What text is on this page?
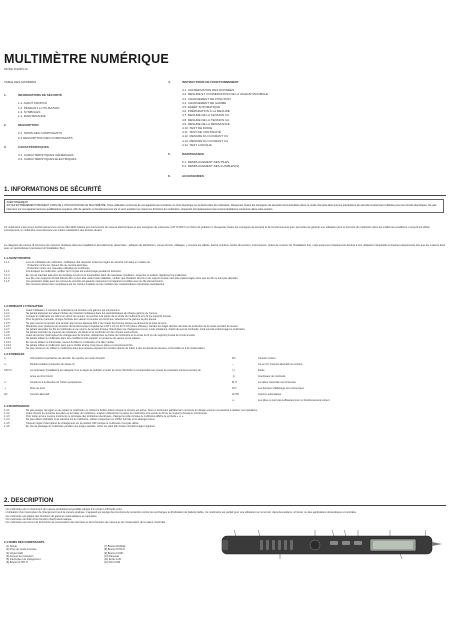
MULTIMÈTRE NUMÉRIQUE
MODE D'EMPLOI
TABLE DES MATIÈRES
1.	INFORMATIONS DE SÉCURITÉ
1.1. AVANT PROPOS
1.2. PENDANT L'UTILISATION
1.3. SYMBOLES
1.4. MAINTENANCE
2.	DESCRIPTION
2.1. NOMS DES COMPOSANTS
2.2 DESCRIPTION DES COMPOSANTS
3.	CARACTÉRISTIQUES
3.1. CARACTÉRISTIQUES GÉNÉRALES
3.2. CARACTÉRISTIQUES ÉLECTRIQUES
4.	INSTRUCTIONS DE FONCTIONNEMENT
4.1. CONSERVATION DES DONNÉES
4.2. MESURE ET CONSERVATION DE LA VALEUR MAXIMALE
4.3. CHANGEMENT DE FONCTION
4.4. CHANGEMENT DE GAMME
4.5. ARRÊT AUTOMATIQUE
4.6. PRÉPARATION À LA MESURE
4.7. MESURE DE LA TENSION CC
4.8. MESURE DE LA TENSION CA
4.9. MESURE DE LA RÉSISTANCE
4.10. TEST DE DIODE
4.11. TEST DE CONTINUITÉ
4.12. MESURE DU COURANT CC
4.13. MESURE DU COURANT CA
4.14. TEST LOGIQUE
5.	MAINTENANCE
5.1. REMPLACEMENT DES PILES
5.2. REMPLACEMENT DES FUSIBLES(S)
6.	ACCESSOIRES
1. INFORMATIONS DE SÉCURITÉ
AVERTISSEMENT
SOYEZ EXTRÊMEMENT PRUDENT LORS DE L'UTILISATION DE CE MULTIMÈTRE. Toute utilisation incorrecte de cet appareil peut entraîner un choc électrique ou la destruction du multimètre. Respectez toutes les consignes de sécurité recommandées dans ce mode d'emploi ainsi que les précautions de sécurité couramment utilisées pour les circuits électriques. Ne pas intervenir sur cet appareil sans les qualifications requises. Afin de garantir un fonctionnement sûr et pour exploiter au mieux les fonctions du multimètre, respectez scrupuleusement les recommandations contenues dans cette section.
Ce multimètre a été conçu conformément à la norme CEI 1010 relative aux instruments de mesure électroniques et aux consignes de surtension CAT III 600 V et critère de pollution 2. Respectez toutes les consignes de sécurité et de fonctionnement pour permettre de garantir une utilisation sûre et correcte du multimètre dans les meilleures conditions. Lorsqu'il est utilisé correctement, le multimètre vous donnera une entière satisfaction des années durant.
La catégorie de mesure III concerne les mesures réalisées dans les installations des bâtiments. (Exemples : tableaux de distribution, coupe-circuits, câblages, y compris les câbles, barres omnibus, boîtes de jonction, interrupteurs, prises de courant sur l'installation fixe, mais aussi pour l'équipement destiné à une utilisation industrielle et d'autres équipements tels que les moteurs fixes avec un raccordement permanent à l'installation fixe).
1.1 AVANT PROPOS
1.1.1	Lors de l'utilisation du multimètre, l'utilisateur doit respecter toutes les règles de sécurité normales en matière de :
· Protection contre les risques liés au courant électrique.
· Protection contre une mauvaise utilisation du multimètre.
1.1.2	À la livraison du multimètre, vérifiez qu'il n'a pas été endommagé pendant le transport.
1.1.3	En cas de mauvais état et/ou de stockage incorrect ou d'expédition dans de mauvaises conditions, inspectez et évaluez rapidement le multimètre.
1.1.4	Les fils et les supports d'essai doivent être en bon état. Avant toute utilisation, vérifiez que l'isolation des fils et du support d'essai n'est pas endommagée et/ou que les fils ne sont pas dénudés.
1.1.5	Une protection totale avec les normes de sécurité est garantie uniquement si l'appareil est utilisé avec les fils d'essai fournis.
Des mesures doivent être remplacées par les mêmes modèles ou des modèles aux caractéristiques électriques équivalentes.
1.2 PENDANT L'UTILISATION
1.2.1	Avant l'utilisation, il convient de sélectionner la fonction et la gamme qui conviennent.
1.2.2	Ne jamais dépasser les valeurs limites de protection indiquées dans les caractéristiques de chaque gamme de mesure.
1.2.3	Lorsque le multimètre est relié à un circuit de mesure, ne touchez à la pointe de la sonde du multimètre et le fil (ou support) d'essai.
1.2.4	Pour la gamme manuelle, lorsque l'échelle des valeurs à mesurer est inconnue, sélectionnez la gamme la plus élevée.
1.2.5	Ne pas mesurer la tension si la tension aux bornes dépasse 600 V au niveau des bornes situées au-dessus de la prise de terre.
1.2.6	Manipulez avec prudence les tensions de fonctionnement supérieures à 60 V CC ou 30 V CA (valeur efficace). Gardez les doigts derrière l'anneau de protection de la sonde pendant la mesure.
1.2.7	Ne jamais raccorder les fils du multimètre à une source de tension lorsque l'interrupteur de changement est en mode résistance, d'arrêt du test de continuité. Cela pourrait endommager le multimètre.
1.2.8	Ne jamais procéder de mesures de résistance, de diode et de continuité sur des circuits sous tension.
1.2.9	Avant de tourner l'interrupteur de changement de fonction, débranchez la pointe du multimètre et la sonde du fil (ou du support) d'essai du circuit à tester.
1.2.10	Ne jamais utiliser le multimètre dans des conditions d'air explosif, en présence de vapeur ou de saletés.
1.2.11	En cas de défaut ou d'anomalie, cessez d'utiliser le multimètre et le faire vérifier.
1.2.12	Ne jamais utiliser le multimètre sans que le boîtier arrière n'est pas en place et correctement fixé.
1.2.13	Ne pas conserver ou utiliser le multimètre dans des espaces exposés à la lumière directe du soleil, à des températures élevées, à l'humidité ou à la condensation.
1.3 SYMBOLES
⚠	Informations importantes de sécurité. Se reporter au mode d'emploi.
▭	Double isolation (protection de classe II)
CAT III	La surtension (installation) de catégorie III et le degré de pollution 2 selon la norme CEI 1010-1 correspondent au niveau de protection contre la tension de tenue au choc fourni.
⚠	Conforme à la directive de l'Union européenne.
⏚	Prise de terre
AC	Courant alternatif
DC	Courant continu
~	CA ou CC (courant alternatif ou continu)
▷|	Diode
·))	Avertisseur de continuité
M.H	La valeur maximale est conservée.
D.H	Les données d'affichage sont conservées.
AUTO	Gamme automatique
▭	Les piles ne sont pas suffisantes pour un fonctionnement correct.
1.4 MAINTENANCE
1.4.1	Ne pas essayer de régler ou de réparer le multimètre en retirant le boîtier arrière lorsque la tension est active. Seul un technicien parfaitement conscient du danger encouru est autorisé à réaliser ces opérations.
1.4.2	Avant d'ouvrir le couvercle des piles ou le boîtier du multimètre, toujours débrancher la pointe du multimètre et la sonde du fil (ou du support) d'essai du circuit testé.
1.4.3	Pour éviter qu'une mesure incorrecte ne provoque des problèmes électriques, changer les piles lorsque le multimètre affiche le symbole « ▭ ».
1.4.4	Ne pas utiliser d'abrasifs ni de solvants sur le multimètre, utiliser uniquement un chiffon humide et du détergent doux.
1.4.5	Toujours régler l'interrupteur de changement sur la position OFF lorsque le multimètre n'est pas utilisé.
1.4.6	En cas de stockage du multimètre pendant une longue période, retirer les piles afin d'éviter d'endommager l'appareil.
2. DESCRIPTION
· Ce multimètre est un instrument de mesure professionnel portable équipé d'un écran LCD facile à lire.
· L'utilisation d'un interrupteur de changement rend la mesure pratique. L'appareil est équipé des fonctions de protection contre les surcharges et d'indication de batterie faible. Ce multimètre est parfait pour une utilisation sur le terrain, dans des ateliers, à l'école, ou des applications domestiques et centrales.
· Ce multimètre est équipé des fonctions de gammes automatiques et manuelles.
· Ce multimètre est doté d'une fonction d'arrêt automatique.
· Ce multimètre est pourvu de la fonction de conservation des données et de la fonction de mesure et de conservation de la valeur maximale.
2.1 NOMS DES COMPOSANTS
(1) Sonde
(2) Prise de sonde inversée
(3) Voyant LED
(4) Anneau de protection
(5) Interrupteur de changement
(6) Bouton D.H/H.H
(7) Bouton RANGE
(8) Bouton M.H/LH
(9) Bouton FUNC.
(10) Panneau
(11) Écran LCD
(12) Port COM
